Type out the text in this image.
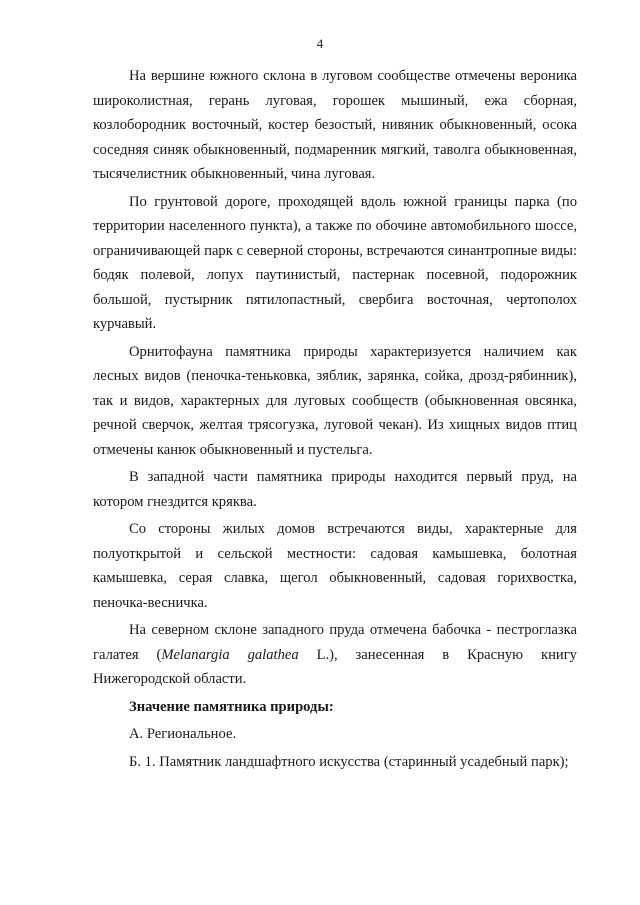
4

На вершине южного склона в луговом сообществе отмечены вероника широколистная, герань луговая, горошек мышиный, ежа сборная, козлобородник восточный, костер безостый, нивяник обыкновенный, осока соседняя синяк обыкновенный, подмаренник мягкий, таволга обыкновенная, тысячелистник обыкновенный, чина луговая.

По грунтовой дороге, проходящей вдоль южной границы парка (по территории населенного пункта), а также по обочине автомобильного шоссе, ограничивающей парк с северной стороны, встречаются синантропные виды: бодяк полевой, лопух паутинистый, пастернак посевной, подорожник большой, пустырник пятилопастный, свербига восточная, чертополох курчавый.

Орнитофауна памятника природы характеризуется наличием как лесных видов (пеночка-теньковка, зяблик, зарянка, сойка, дрозд-рябинник), так и видов, характерных для луговых сообществ (обыкновенная овсянка, речной сверчок, желтая трясогузка, луговой чекан). Из хищных видов птиц отмечены канюк обыкновенный и пустельга.

В западной части памятника природы находится первый пруд, на котором гнездится кряква.

Со стороны жилых домов встречаются виды, характерные для полуоткрытой и сельской местности: садовая камышевка, болотная камышевка, серая славка, щегол обыкновенный, садовая горихвостка, пеночка-весничка.

На северном склоне западного пруда отмечена бабочка - пестроглазка галатея (Melanargia galathea L.), занесенная в Красную книгу Нижегородской области.

Значение памятника природы:

А. Региональное.

Б. 1. Памятник ландшафтного искусства (старинный усадебный парк);
